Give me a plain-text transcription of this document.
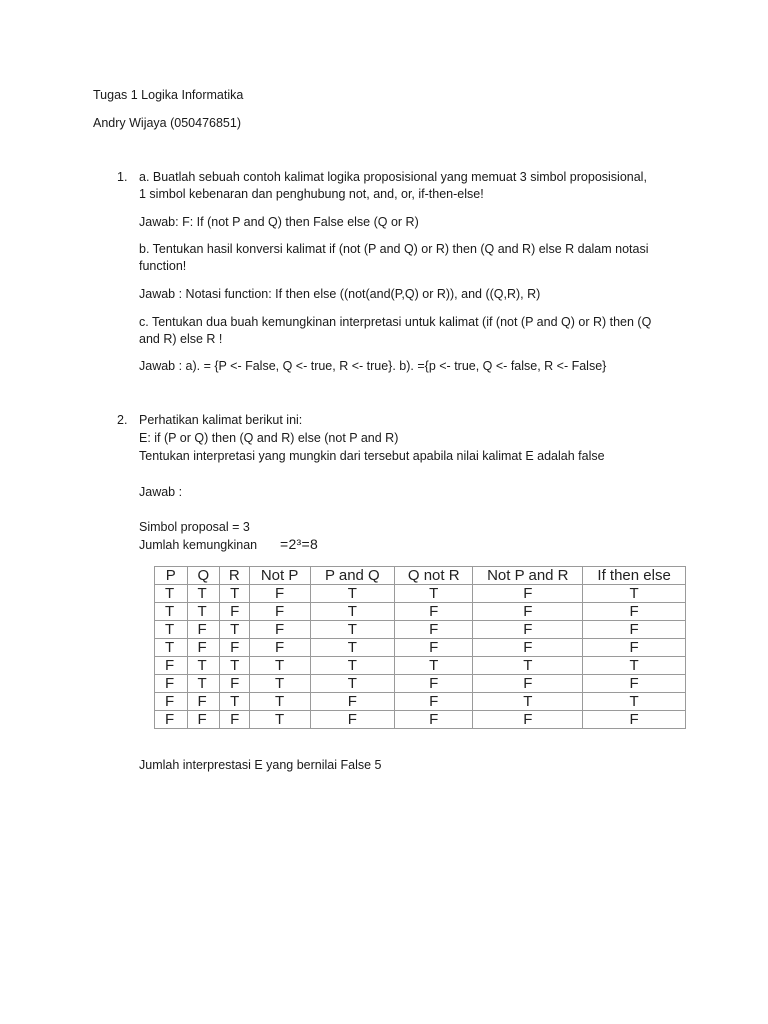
Tugas 1 Logika Informatika
Andry Wijaya (050476851)
1. a. Buatlah sebuah contoh kalimat logika proposisional yang memuat 3 simbol proposisional,
1 simbol kebenaran dan penghubung not, and, or, if-then-else!
Jawab: F: If (not P and Q) then False else (Q or R)
b. Tentukan hasil konversi kalimat if (not (P and Q) or R) then (Q and R) else R dalam notasi
function!
Jawab : Notasi function: If then else ((not(and(P,Q) or R)), and ((Q,R), R)
c. Tentukan dua buah kemungkinan interpretasi untuk kalimat (if (not (P and Q) or R) then (Q
and R) else R !
Jawab : a). = {P <- False, Q <- true, R <- true}. b). ={p <- true, Q <- false, R <- False}
2. Perhatikan kalimat berikut ini:
E: if (P or Q) then (Q and R) else (not P and R)
Tentukan interpretasi yang mungkin dari tersebut apabila nilai kalimat E adalah false
Jawab :
Simbol proposal = 3
Jumlah kemungkinan =2³=8
P	Q	R	Not P	P and Q	Q not R	Not P and R	If then else
T	T	T	F	T	T	F	T
T	T	F	F	T	F	F	F
T	F	T	F	T	F	F	F
T	F	F	F	T	F	F	F
F	T	T	T	T	T	T	T
F	T	F	T	T	F	F	F
F	F	T	T	F	F	T	T
F	F	F	T	F	F	F	F
Jumlah interprestasi E yang bernilai False 5
